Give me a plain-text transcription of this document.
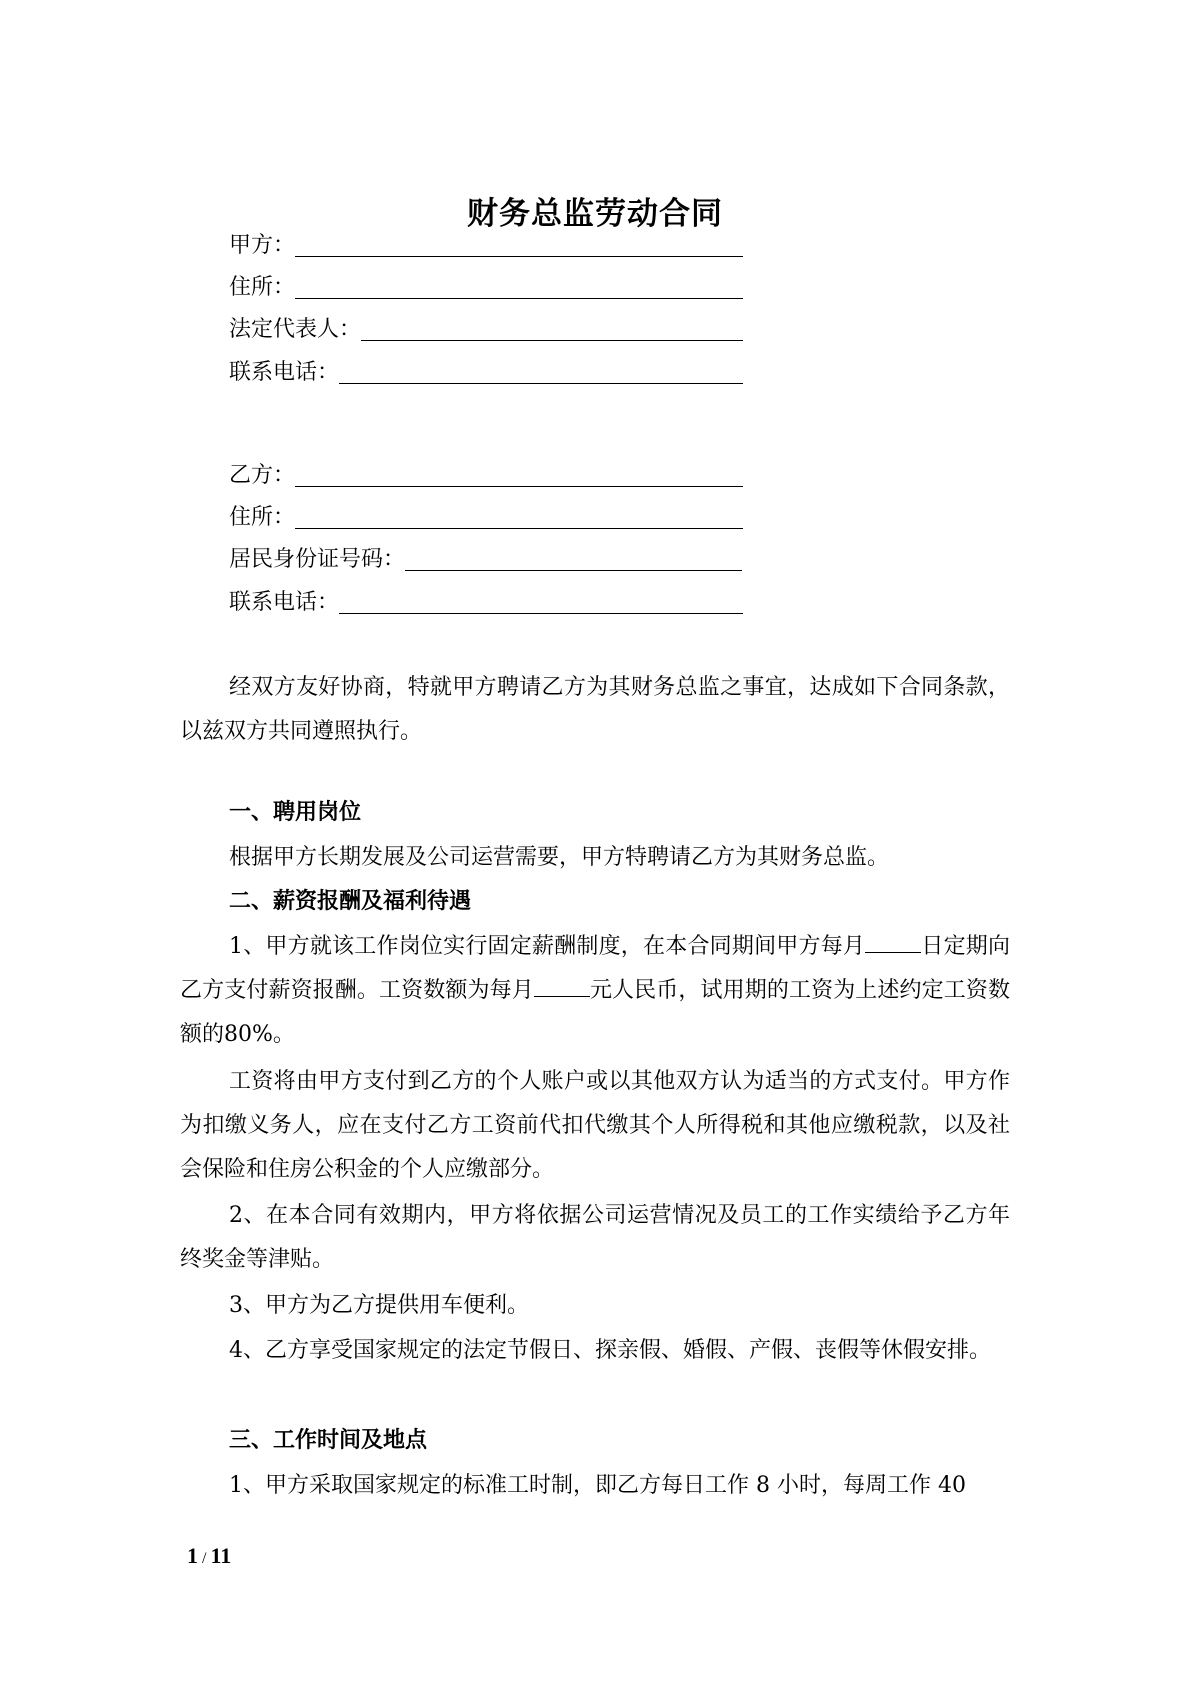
财务总监劳动合同
甲方：
住所：
法定代表人：
联系电话：
乙方：
住所：
居民身份证号码：
联系电话：
经双方友好协商，特就甲方聘请乙方为其财务总监之事宜，达成如下合同条款，以兹双方共同遵照执行。
一、聘用岗位
根据甲方长期发展及公司运营需要，甲方特聘请乙方为其财务总监。
二、薪资报酬及福利待遇
1、甲方就该工作岗位实行固定薪酬制度，在本合同期间甲方每月	日定期向乙方支付薪资报酬。工资数额为每月	元人民币，试用期的工资为上述约定工资数额的80%。
工资将由甲方支付到乙方的个人账户或以其他双方认为适当的方式支付。甲方作为扣缴义务人，应在支付乙方工资前代扣代缴其个人所得税和其他应缴税款，以及社会保险和住房公积金的个人应缴部分。
2、在本合同有效期内，甲方将依据公司运营情况及员工的工作实绩给予乙方年终奖金等津贴。
3、甲方为乙方提供用车便利。
4、乙方享受国家规定的法定节假日、探亲假、婚假、产假、丧假等休假安排。
三、工作时间及地点
1、甲方采取国家规定的标准工时制，即乙方每日工作 8 小时，每周工作 40
1 / 11
